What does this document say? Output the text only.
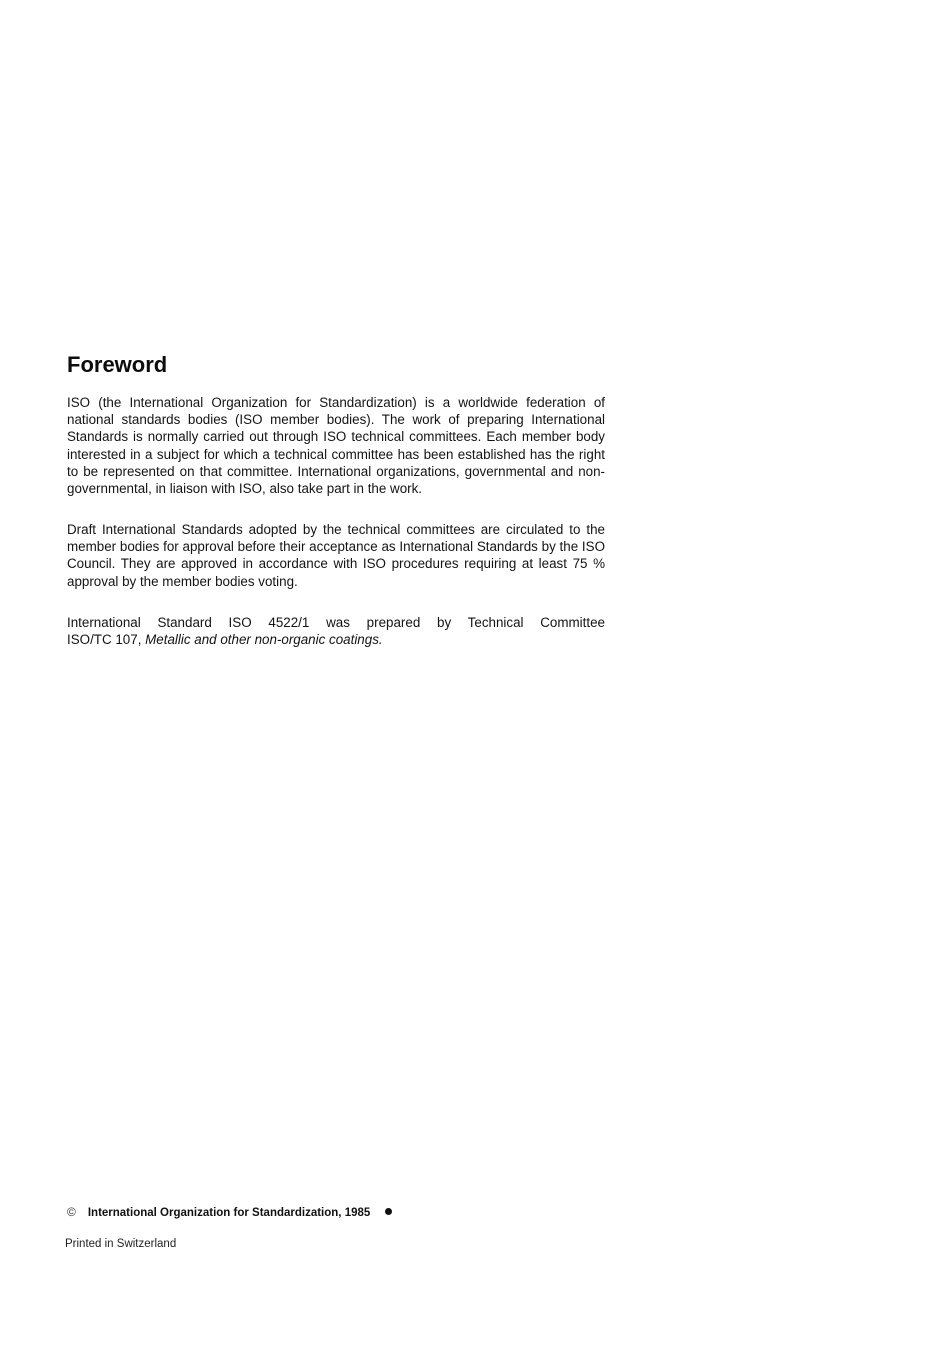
Foreword

ISO (the International Organization for Standardization) is a worldwide federation of national standards bodies (ISO member bodies). The work of preparing International Standards is normally carried out through ISO technical committees. Each member body interested in a subject for which a technical committee has been established has the right to be represented on that committee. International organizations, governmental and non-governmental, in liaison with ISO, also take part in the work.

Draft International Standards adopted by the technical committees are circulated to the member bodies for approval before their acceptance as International Standards by the ISO Council. They are approved in accordance with ISO procedures requiring at least 75 % approval by the member bodies voting.

International Standard ISO 4522/1 was prepared by Technical Committee
ISO/TC 107, Metallic and other non-organic coatings.

© International Organization for Standardization, 1985
Printed in Switzerland
